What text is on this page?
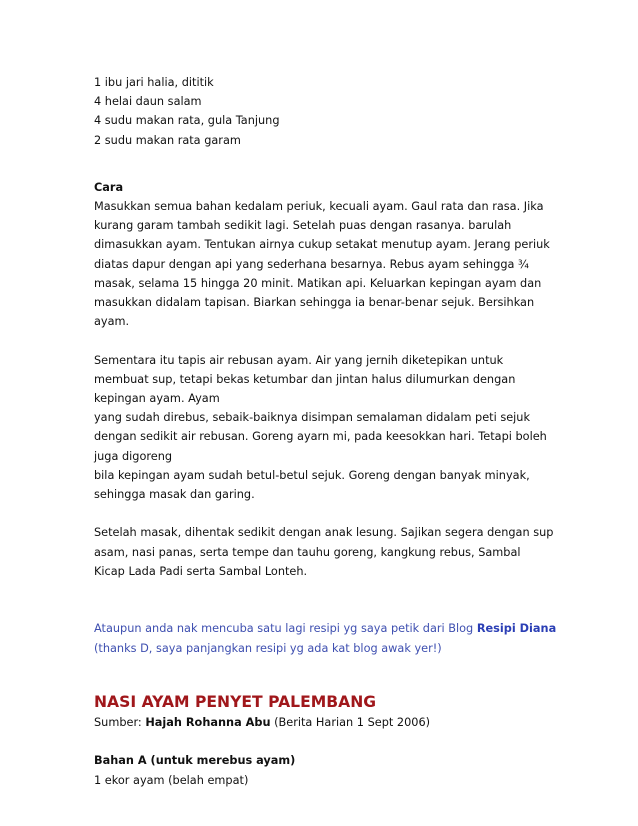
1 ibu jari halia, dititik
4 helai daun salam
4 sudu makan rata, gula Tanjung
2 sudu makan rata garam
Cara
Masukkan semua bahan kedalam periuk, kecuali ayam. Gaul rata dan rasa. Jika
kurang garam tambah sedikit lagi. Setelah puas dengan rasanya. barulah
dimasukkan ayam. Tentukan airnya cukup setakat menutup ayam. Jerang periuk
diatas dapur dengan api yang sederhana besarnya. Rebus ayam sehingga ¾
masak, selama 15 hingga 20 minit. Matikan api. Keluarkan kepingan ayam dan
masukkan didalam tapisan. Biarkan sehingga ia benar-benar sejuk. Bersihkan
ayam.
Sementara itu tapis air rebusan ayam. Air yang jernih diketepikan untuk
membuat sup, tetapi bekas ketumbar dan jintan halus dilumurkan dengan
kepingan ayam. Ayam
yang sudah direbus, sebaik-baiknya disimpan semalaman didalam peti sejuk
dengan sedikit air rebusan. Goreng ayarn mi, pada keesokkan hari. Tetapi boleh
juga digoreng
bila kepingan ayam sudah betul-betul sejuk. Goreng dengan banyak minyak,
sehingga masak dan garing.
Setelah masak, dihentak sedikit dengan anak lesung. Sajikan segera dengan sup
asam, nasi panas, serta tempe dan tauhu goreng, kangkung rebus, Sambal
Kicap Lada Padi serta Sambal Lonteh.
Ataupun anda nak mencuba satu lagi resipi yg saya petik dari Blog Resipi Diana
(thanks D, saya panjangkan resipi yg ada kat blog awak yer!)
NASI AYAM PENYET PALEMBANG
Sumber: Hajah Rohanna Abu (Berita Harian 1 Sept 2006)
Bahan A (untuk merebus ayam)
1 ekor ayam (belah empat)
